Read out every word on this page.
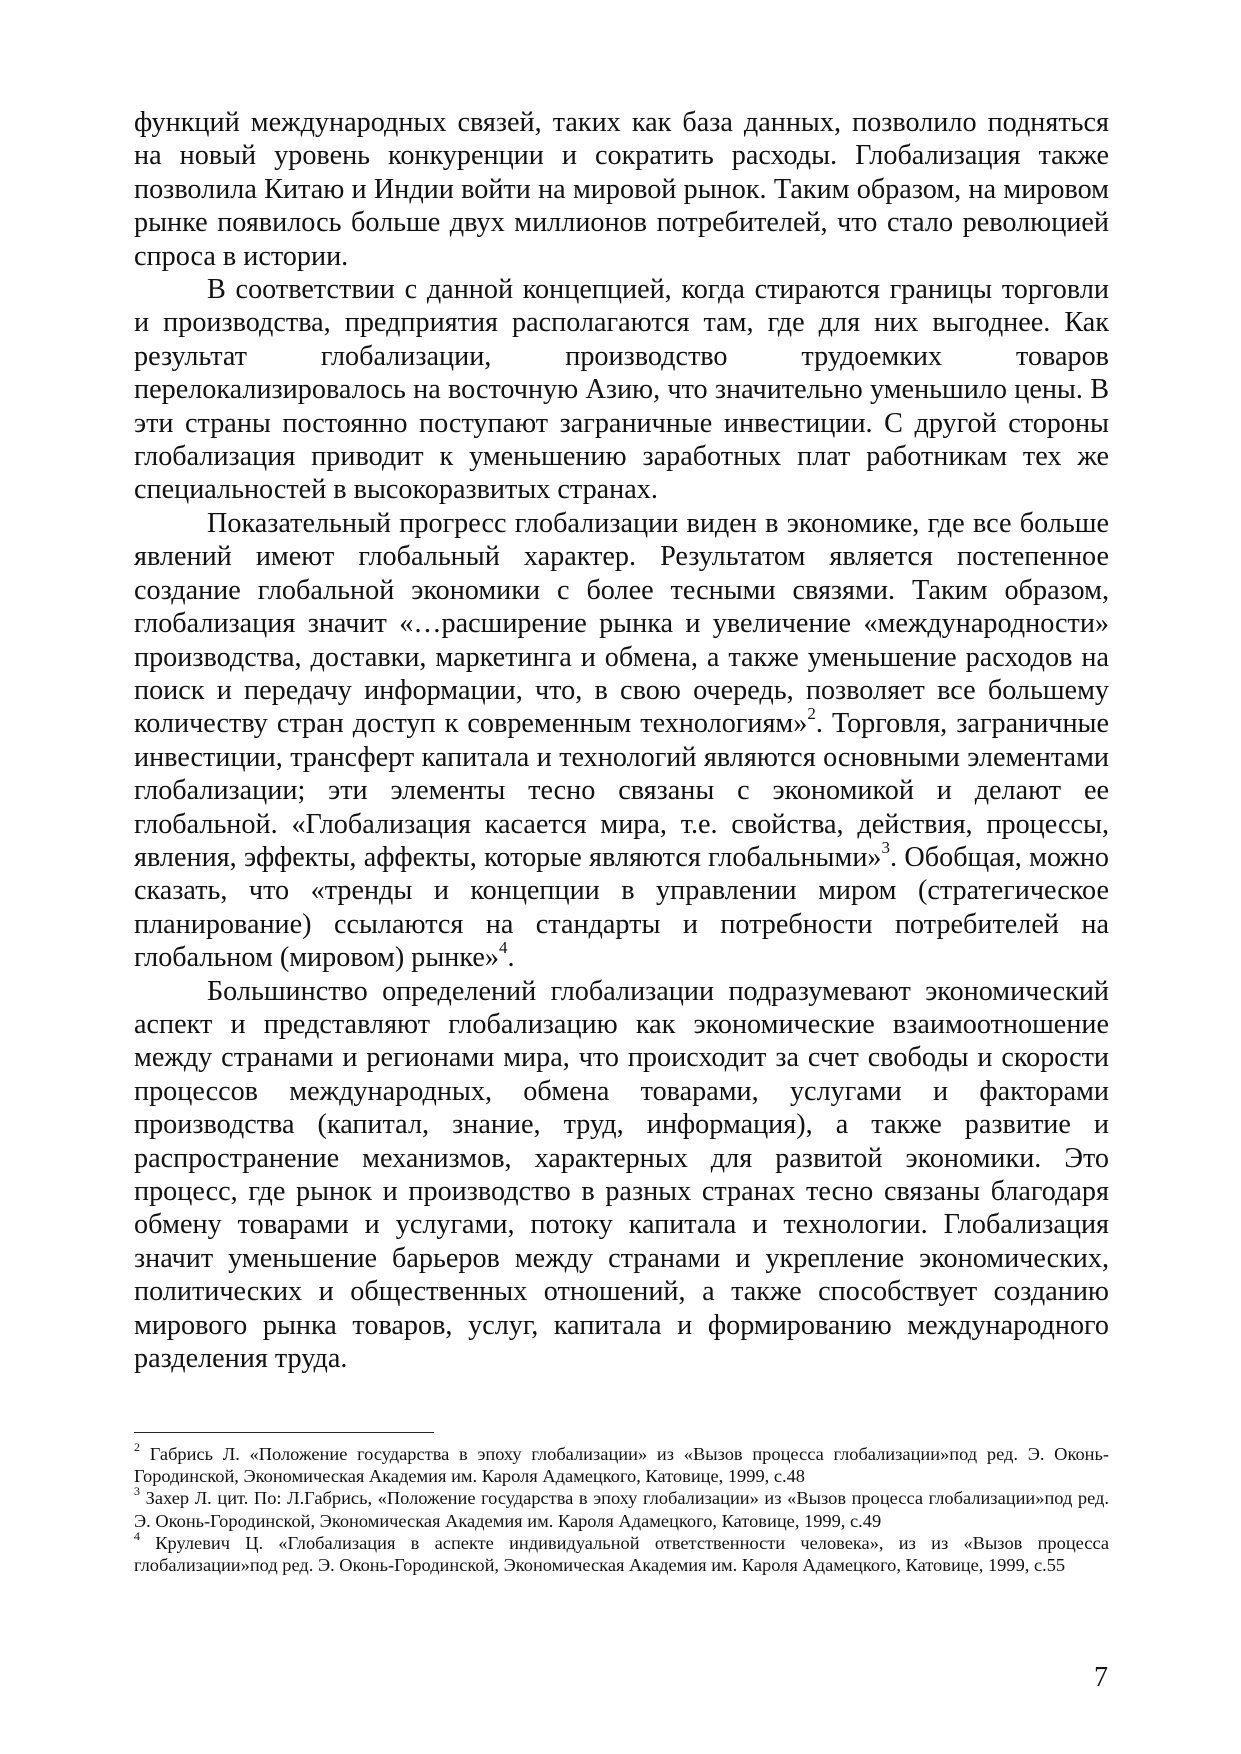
функций международных связей, таких как база данных, позволило подняться на новый уровень конкуренции и сократить расходы. Глобализация также позволила Китаю и Индии войти на мировой рынок. Таким образом, на мировом рынке появилось больше двух миллионов потребителей, что стало революцией спроса в истории.

В соответствии с данной концепцией, когда стираются границы торговли и производства, предприятия располагаются там, где для них выгоднее. Как результат глобализации, производство трудоемких товаров перелокализировалось на восточную Азию, что значительно уменьшило цены. В эти страны постоянно поступают заграничные инвестиции. С другой стороны глобализация приводит к уменьшению заработных плат работникам тех же специальностей в высокоразвитых странах.

Показательный прогресс глобализации виден в экономике, где все больше явлений имеют глобальный характер. Результатом является постепенное создание глобальной экономики с более тесными связями. Таким образом, глобализация значит «…расширение рынка и увеличение «международности» производства, доставки, маркетинга и обмена, а также уменьшение расходов на поиск и передачу информации, что, в свою очередь, позволяет все большему количеству стран доступ к современным технологиям»$^2$. Торговля, заграничные инвестиции, трансферт капитала и технологий являются основными элементами глобализации; эти элементы тесно связаны с экономикой и делают ее глобальной. «Глобализация касается мира, т.е. свойства, действия, процессы, явления, эффекты, аффекты, которые являются глобальными»$^3$. Обобщая, можно сказать, что «тренды и концепции в управлении миром (стратегическое планирование) ссылаются на стандарты и потребности потребителей на глобальном (мировом) рынке»$^4$.

Большинство определений глобализации подразумевают экономический аспект и представляют глобализацию как экономические взаимоотношение между странами и регионами мира, что происходит за счет свободы и скорости процессов международных, обмена товарами, услугами и факторами производства (капитал, знание, труд, информация), а также развитие и распространение механизмов, характерных для развитой экономики. Это процесс, где рынок и производство в разных странах тесно связаны благодаря обмену товарами и услугами, потоку капитала и технологии. Глобализация значит уменьшение барьеров между странами и укрепление экономических, политических и общественных отношений, а также способствует созданию мирового рынка товаров, услуг, капитала и формированию международного разделения труда.

$^2$ Габрись Л. «Положение государства в эпоху глобализации» из «Вызов процесса глобализации»под ред. Э. Оконь-Городинской, Экономическая Академия им. Кароля Адамецкого, Катовице, 1999, с.48

$^3$ Захер Л. цит. По: Л.Габрись, «Положение государства в эпоху глобализации» из «Вызов процесса глобализации»под ред. Э. Оконь-Городинской, Экономическая Академия им. Кароля Адамецкого, Катовице, 1999, с.49

$^4$ Крулевич Ц. «Глобализация в аспекте индивидуальной ответственности человека», из из «Вызов процесса глобализации»под ред. Э. Оконь-Городинской, Экономическая Академия им. Кароля Адамецкого, Катовице, 1999, с.55

7
